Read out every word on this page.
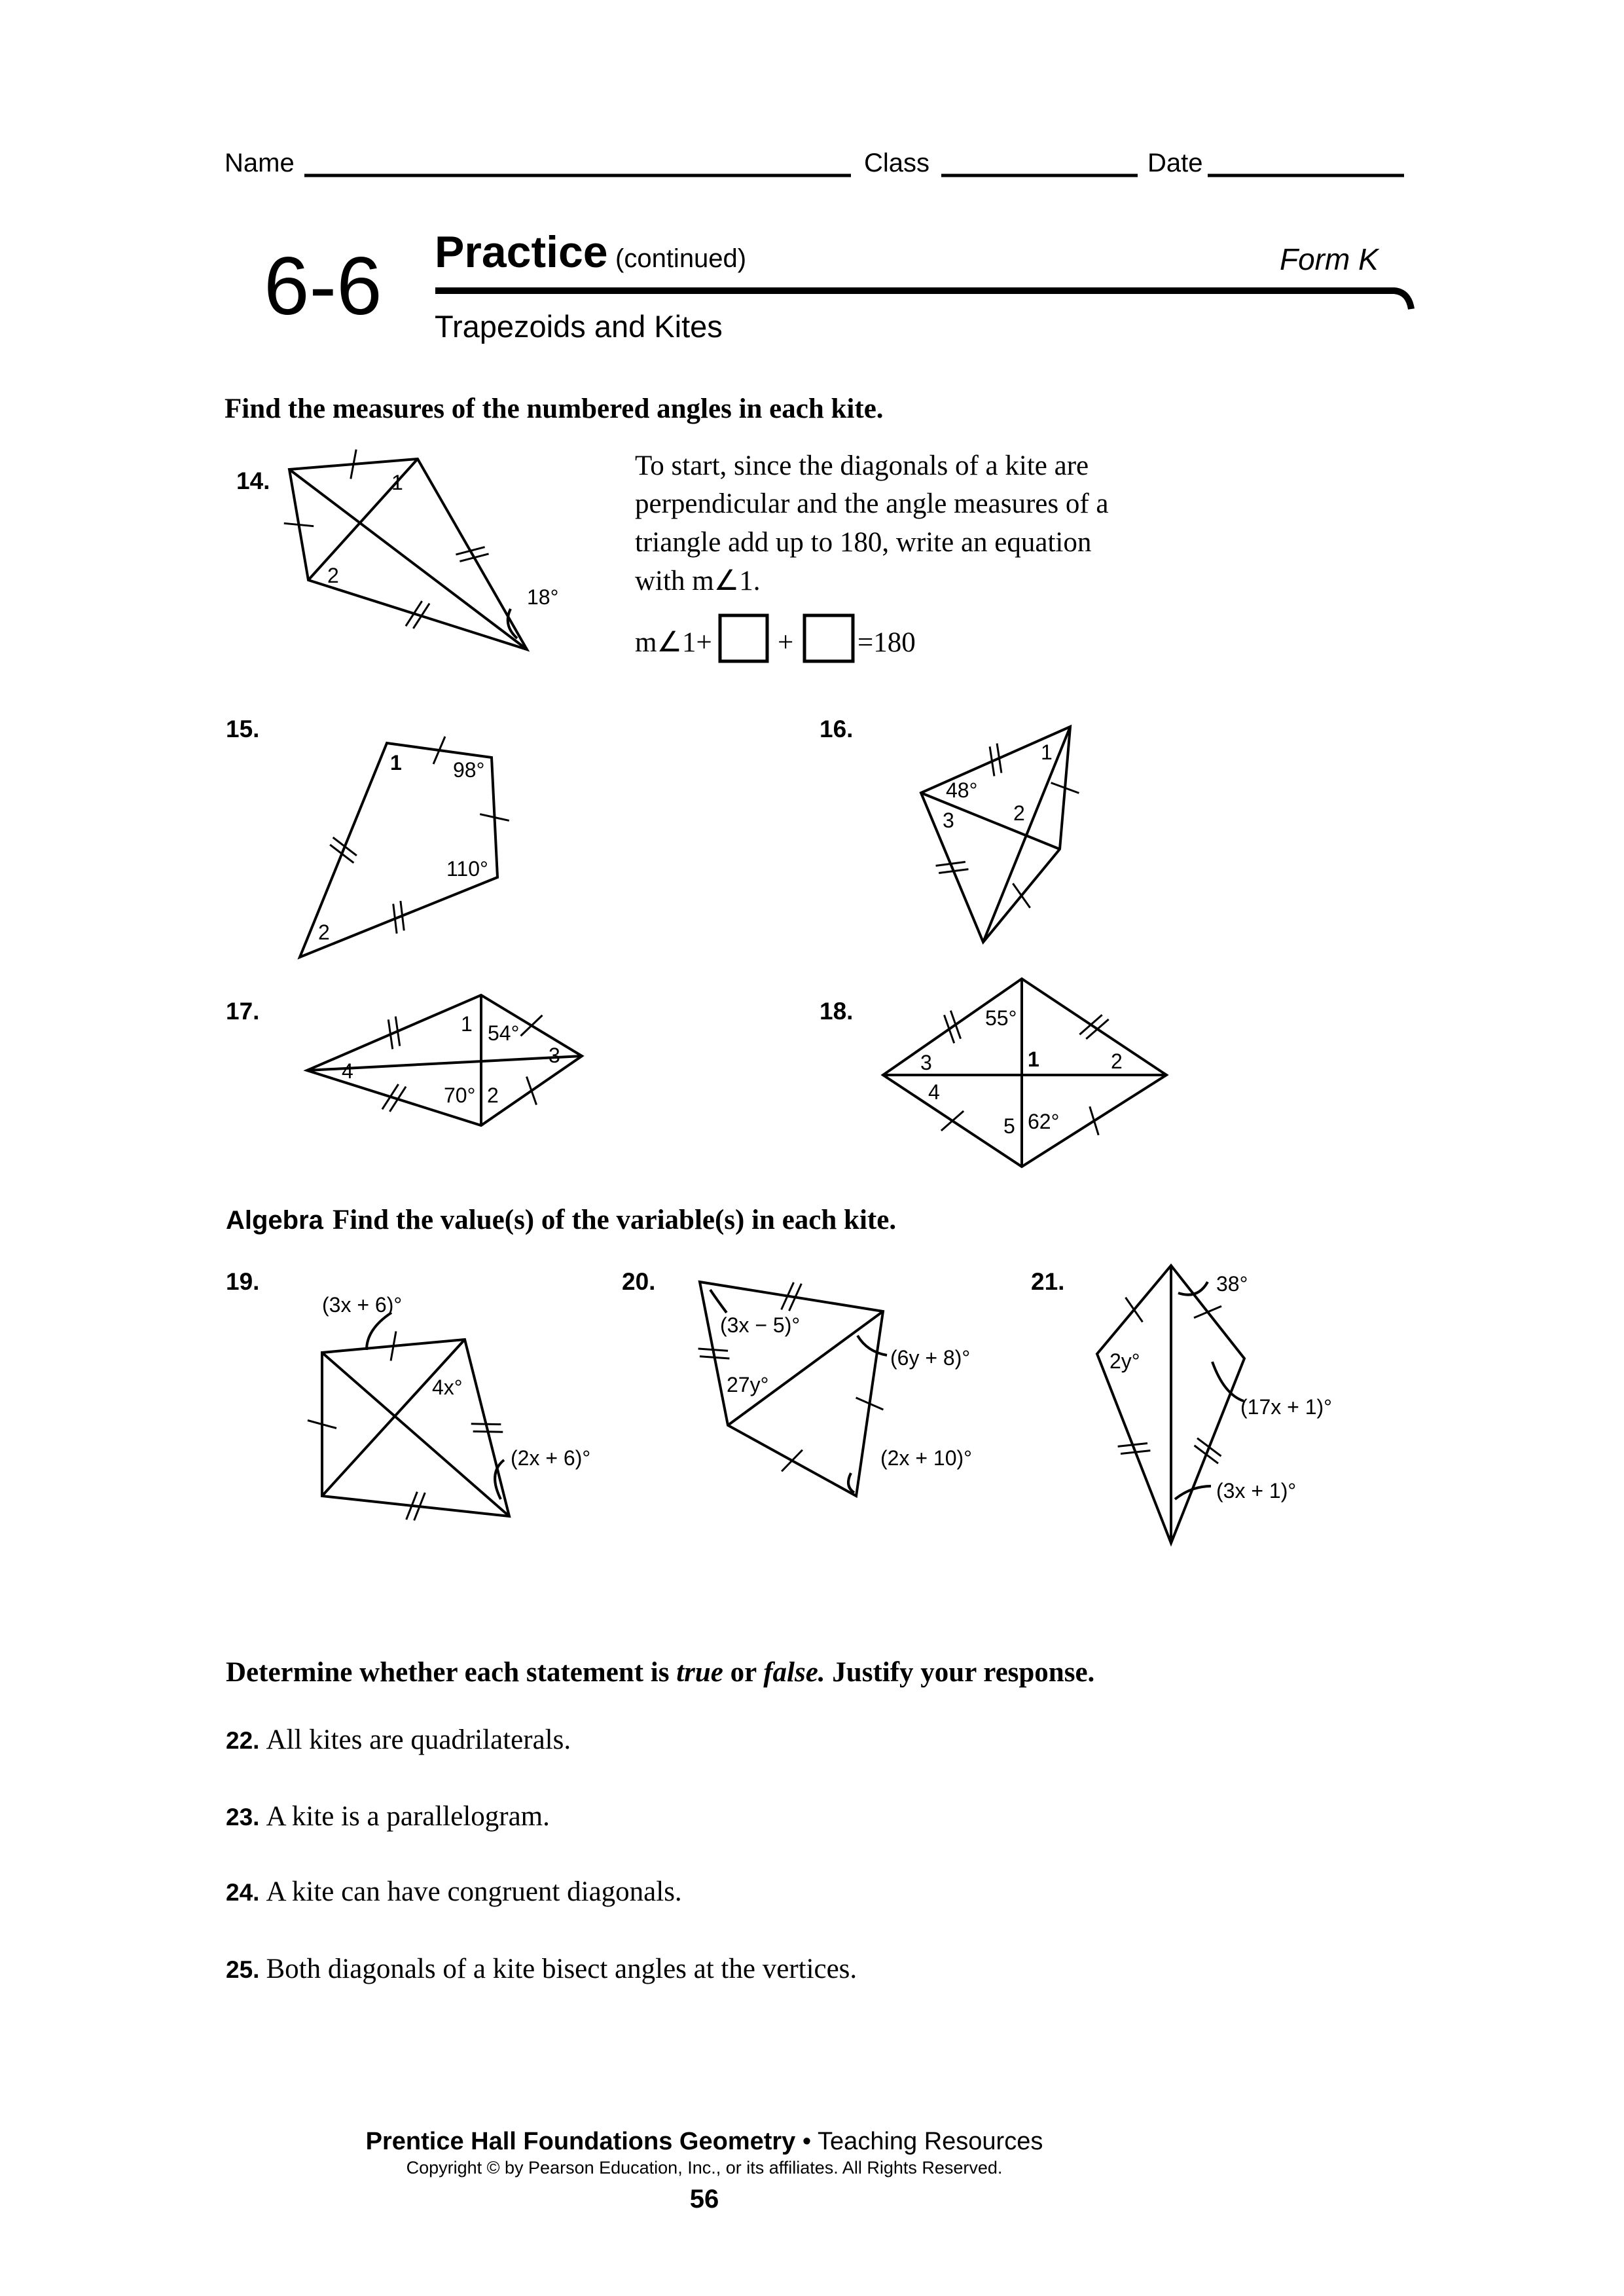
Name	Class	Date
6-6 Practice (continued)	Form K
Trapezoids and Kites
Find the measures of the numbered angles in each kite.
14.	1
2
18°
To start, since the diagonals of a kite are
perpendicular and the angle measures of a
triangle add up to 180, write an equation
with m∠1.
m∠1+ + =180
15.
1 98°
110°
2
16.
48°
3	2
1
17.
4
1 54°
3
70° 2
18.	55°
3	1	2
4
5 62°
Algebra Find the value(s) of the variable(s) in each kite.
19.
(3x + 6)°
4x°
(2x + 6)°
20.
(3x − 5)°
27y°
(6y + 8)°
(2x + 10)°
21.	38°
2y°
(17x + 1)°
(3x + 1)°
Determine whether each statement is true or false. Justify your response.
22. All kites are quadrilaterals.
23. A kite is a parallelogram.
24. A kite can have congruent diagonals.
25. Both diagonals of a kite bisect angles at the vertices.
Prentice Hall Foundations Geometry • Teaching Resources
Copyright © by Pearson Education, Inc., or its affiliates. All Rights Reserved.
56
